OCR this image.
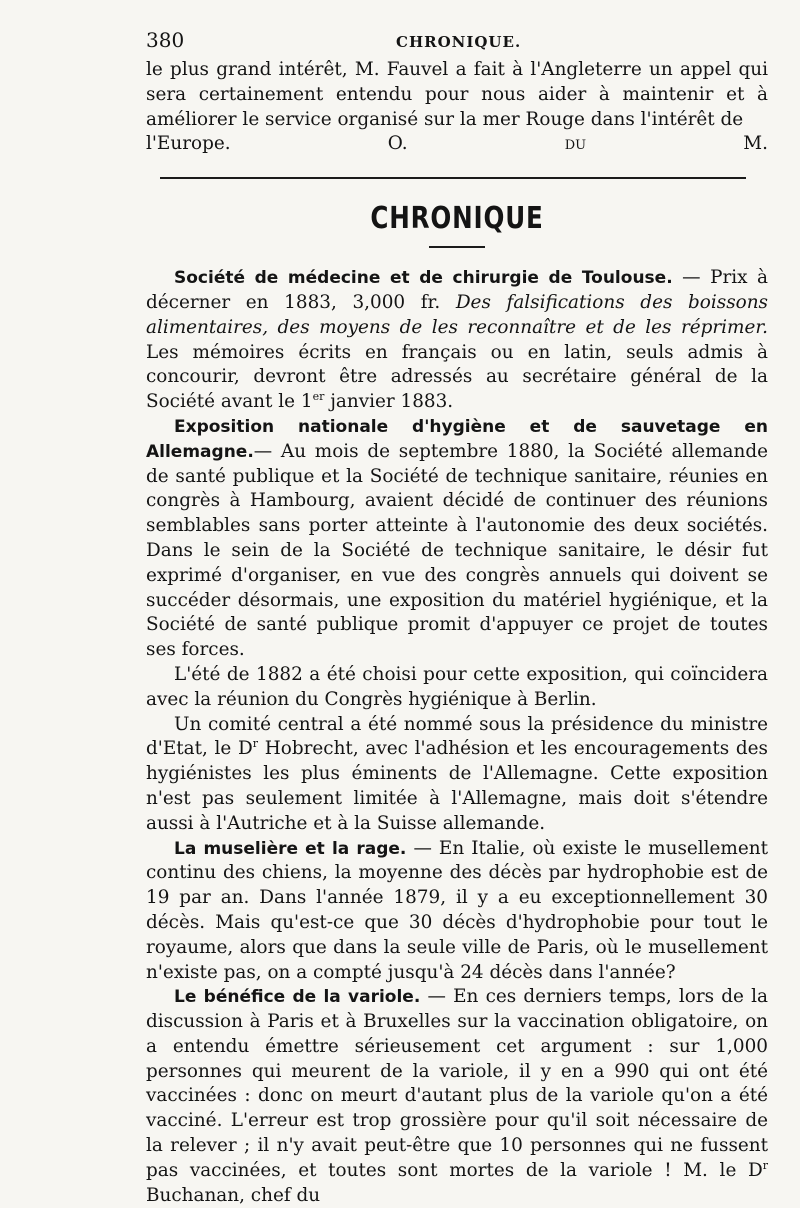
380	CHRONIQUE.

le plus grand intérêt, M. Fauvel a fait à l'Angleterre un appel qui sera certainement entendu pour nous aider à maintenir et à améliorer le service organisé sur la mer Rouge dans l'intérêt de

l'Europe.	O. du M.

CHRONIQUE

Société de médecine et de chirurgie de Toulouse. — Prix à décerner en 1883, 3,000 fr. Des falsifications des boissons alimentaires, des moyens de les reconnaître et de les réprimer. Les mémoires écrits en français ou en latin, seuls admis à concourir, devront être adressés au secrétaire général de la Société avant le 1er janvier 1883.

Exposition nationale d'hygiène et de sauvetage en Allemagne.— Au mois de septembre 1880, la Société allemande de santé publique et la Société de technique sanitaire, réunies en congrès à Hambourg, avaient décidé de continuer des réunions semblables sans porter atteinte à l'autonomie des deux sociétés. Dans le sein de la Société de technique sanitaire, le désir fut exprimé d'organiser, en vue des congrès annuels qui doivent se succéder désormais, une exposition du matériel hygiénique, et la Société de santé publique promit d'appuyer ce projet de toutes ses forces.

L'été de 1882 a été choisi pour cette exposition, qui coïncidera avec la réunion du Congrès hygiénique à Berlin.

Un comité central a été nommé sous la présidence du ministre d'Etat, le $D^r$ Hobrecht, avec l'adhésion et les encouragements des hygiénistes les plus éminents de l'Allemagne. Cette exposition n'est pas seulement limitée à l'Allemagne, mais doit s'étendre aussi à l'Autriche et à la Suisse allemande.

La muselière et la rage. — En Italie, où existe le musellement continu des chiens, la moyenne des décès par hydrophobie est de 19 par an. Dans l'année 1879, il y a eu exceptionnellement 30 décès. Mais qu'est-ce que 30 décès d'hydrophobie pour tout le royaume, alors que dans la seule ville de Paris, où le musellement n'existe pas, on a compté jusqu'à 24 décès dans l'année?

Le bénéfice de la variole. — En ces derniers temps, lors de la discussion à Paris et à Bruxelles sur la vaccination obligatoire, on a entendu émettre sérieusement cet argument : sur 1,000 personnes qui meurent de la variole, il y en a 990 qui ont été vaccinées : donc on meurt d'autant plus de la variole qu'on a été vacciné. L'erreur est trop grossière pour qu'il soit nécessaire de la relever ; il n'y avait peut-être que 10 personnes qui ne fussent pas vaccinées, et toutes sont mortes de la variole ! M. le $D^r$ Buchanan, chef du
